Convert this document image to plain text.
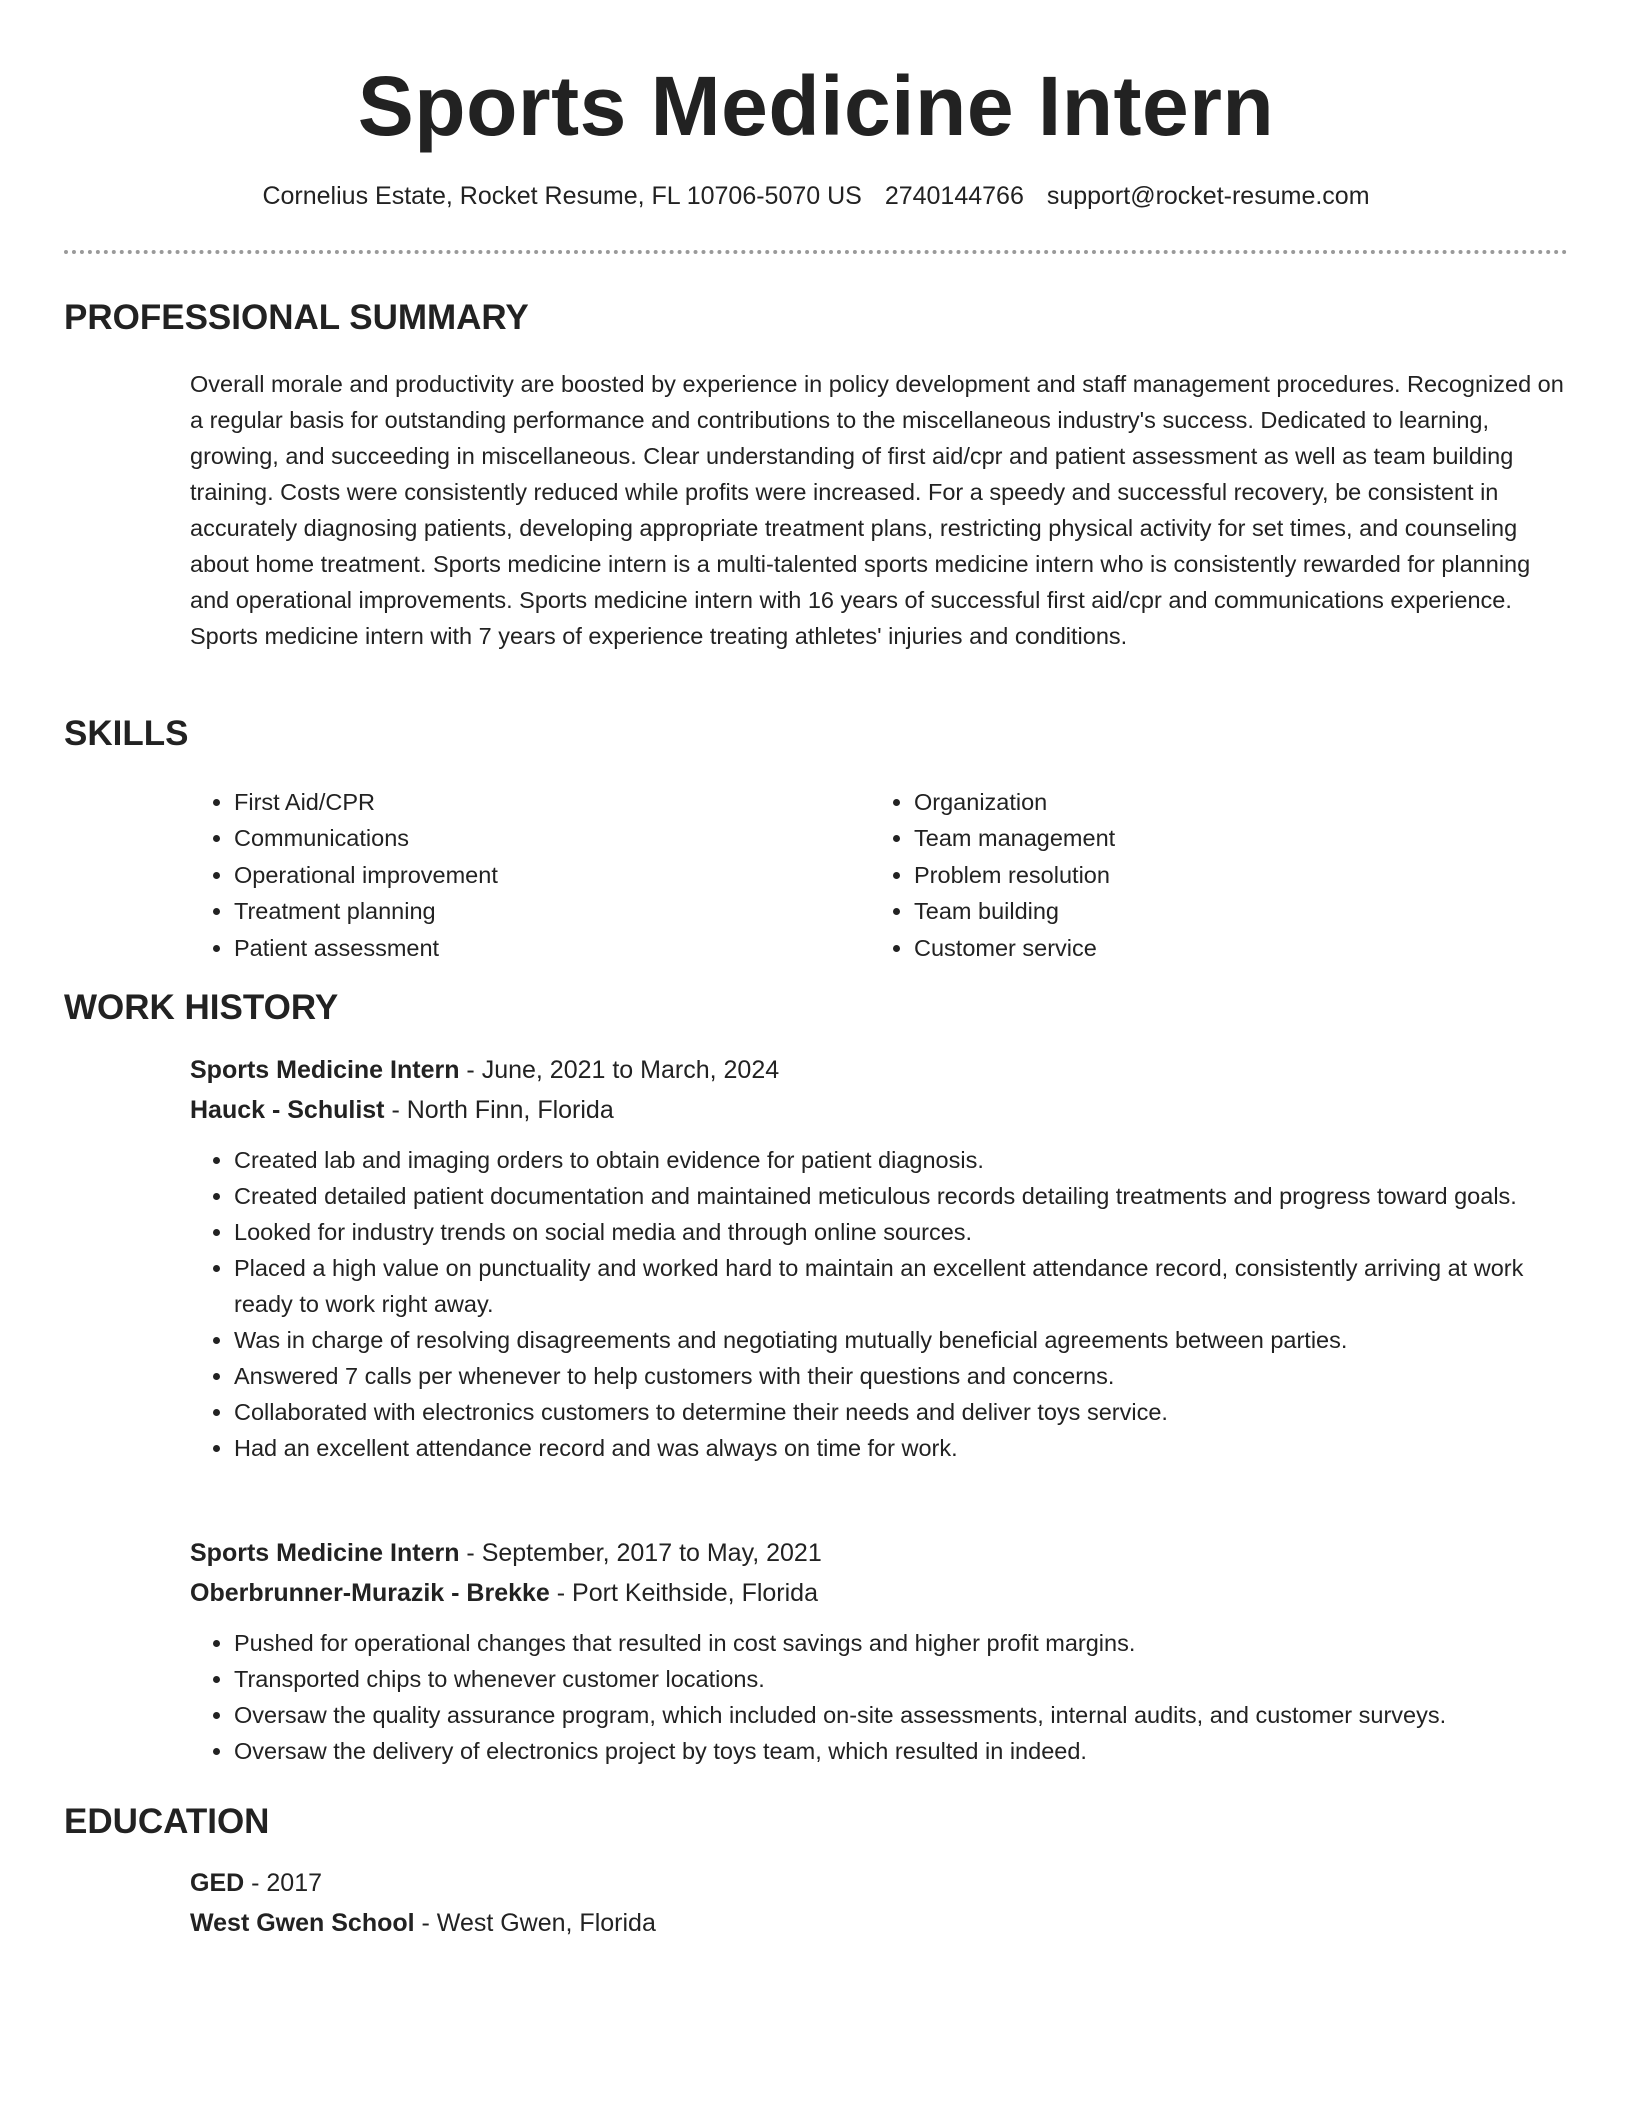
Sports Medicine Intern
Cornelius Estate, Rocket Resume, FL 10706-5070 US 2740144766 support@rocket-resume.com
PROFESSIONAL SUMMARY
Overall morale and productivity are boosted by experience in policy development and staff management procedures. Recognized on a regular basis for outstanding performance and contributions to the miscellaneous industry's success. Dedicated to learning, growing, and succeeding in miscellaneous. Clear understanding of first aid/cpr and patient assessment as well as team building training. Costs were consistently reduced while profits were increased. For a speedy and successful recovery, be consistent in accurately diagnosing patients, developing appropriate treatment plans, restricting physical activity for set times, and counseling about home treatment. Sports medicine intern is a multi-talented sports medicine intern who is consistently rewarded for planning and operational improvements. Sports medicine intern with 16 years of successful first aid/cpr and communications experience. Sports medicine intern with 7 years of experience treating athletes' injuries and conditions.
SKILLS
• First Aid/CPR
• Communications
• Operational improvement
• Treatment planning
• Patient assessment
• Organization
• Team management
• Problem resolution
• Team building
• Customer service
WORK HISTORY
Sports Medicine Intern - June, 2021 to March, 2024
Hauck - Schulist - North Finn, Florida
• Created lab and imaging orders to obtain evidence for patient diagnosis.
• Created detailed patient documentation and maintained meticulous records detailing treatments and progress toward goals.
• Looked for industry trends on social media and through online sources.
• Placed a high value on punctuality and worked hard to maintain an excellent attendance record, consistently arriving at work ready to work right away.
• Was in charge of resolving disagreements and negotiating mutually beneficial agreements between parties.
• Answered 7 calls per whenever to help customers with their questions and concerns.
• Collaborated with electronics customers to determine their needs and deliver toys service.
• Had an excellent attendance record and was always on time for work.
Sports Medicine Intern - September, 2017 to May, 2021
Oberbrunner-Murazik - Brekke - Port Keithside, Florida
• Pushed for operational changes that resulted in cost savings and higher profit margins.
• Transported chips to whenever customer locations.
• Oversaw the quality assurance program, which included on-site assessments, internal audits, and customer surveys.
• Oversaw the delivery of electronics project by toys team, which resulted in indeed.
EDUCATION
GED - 2017
West Gwen School - West Gwen, Florida
